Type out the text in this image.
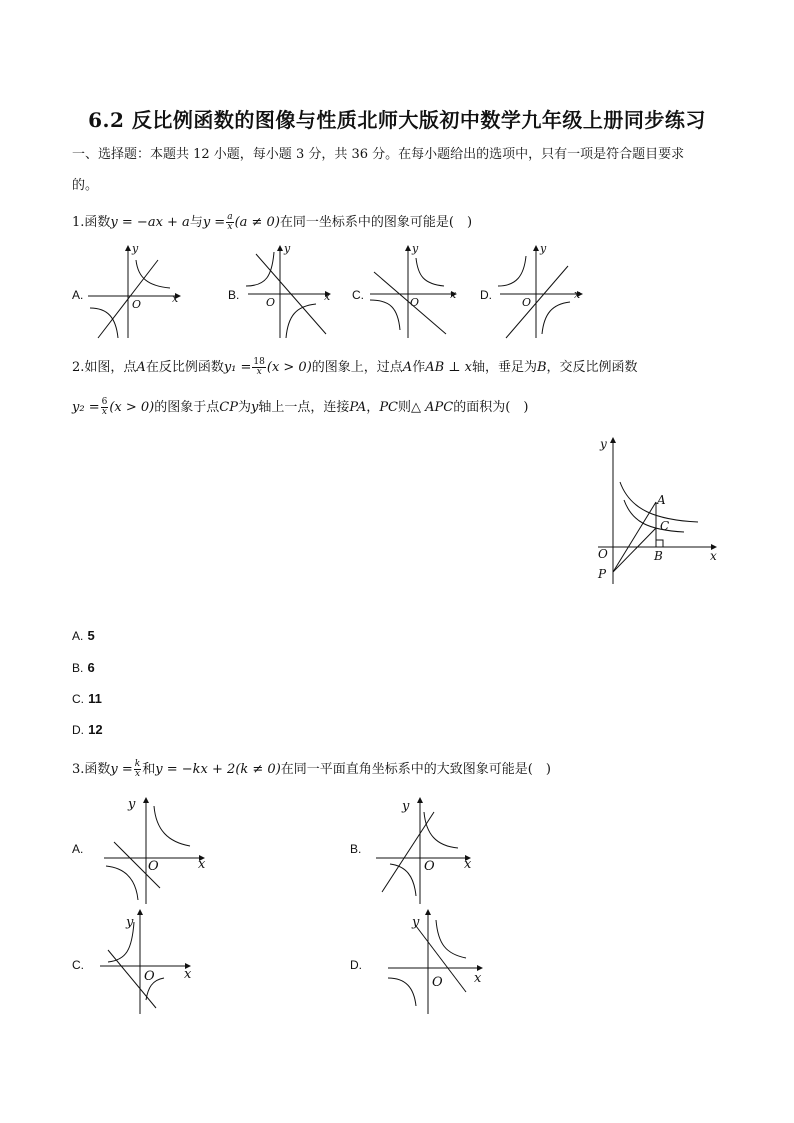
6.2 反比例函数的图像与性质北师大版初中数学九年级上册同步练习
一、选择题：本题共 12 小题，每小题 3 分，共 36 分。在每小题给出的选项中，只有一项是符合题目要求
的。
1.函数y = −ax + a与$y = \frac{a}{x} (a \ne 0)$在同一坐标系中的图象可能是(　)
y
x
O
y
x
O
y
x
O
y
x
O
A.	B.	C.	D.
2.如图，点A在反比例函数$y_1 = \frac{18}{x} (x > 0)$的图象上，过点A作AB ⊥ x轴，垂足为B，交反比例函数
$y_2 = \frac{6}{x} (x > 0)$的图象于点CP为y轴上一点，连接PA，PC则△ APC的面积为(　)
y
x
O
A
C
B
P
A. 5
B. 6
C. 11
D. 12
3.函数$y = \frac{k}{x}$ 和y = −kx + 2(k ≠ 0)在同一平面直角坐标系中的大致图象可能是(　)
y
x
O
y
x
O
y
x
O
y
x
O
A.	B.
C.	D.
